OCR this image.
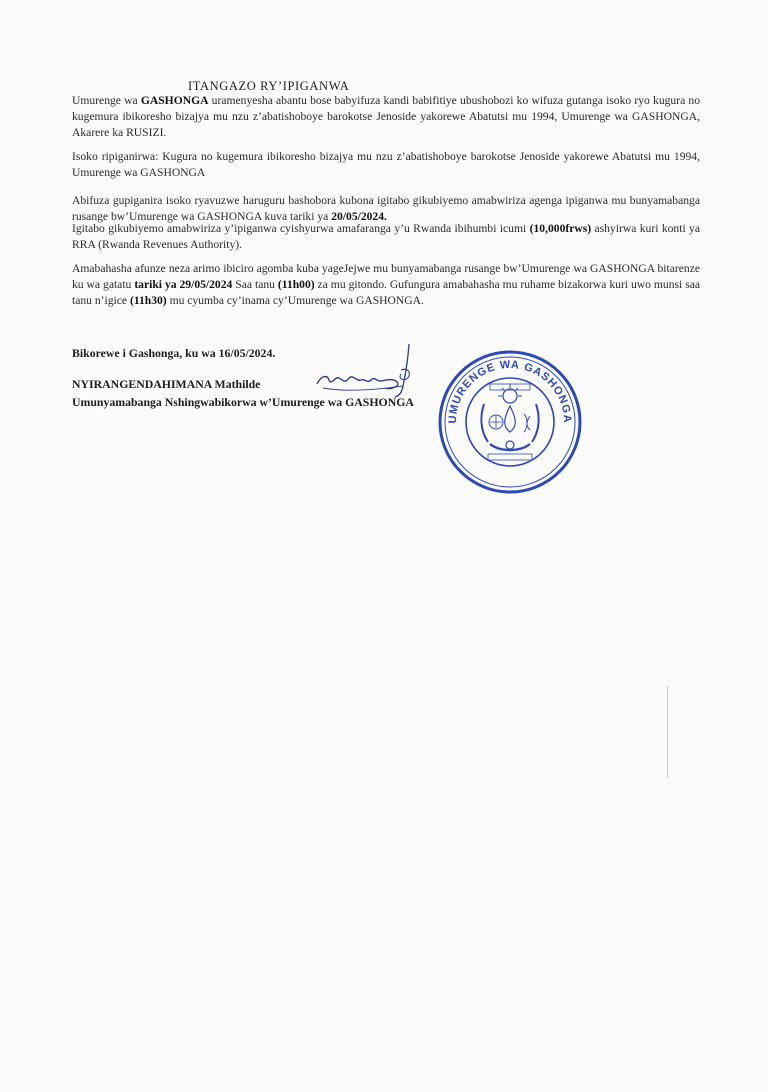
ITANGAZO RY’IPIGANWA
Umurenge wa GASHONGA uramenyesha abantu bose babyifuza kandi babifitiye ubushobozi ko wifuza gutanga isoko ryo kugura no kugemura ibikoresho bizajya mu nzu z’abatishoboye barokotse Jenoside yakorewe Abatutsi mu 1994, Umurenge wa GASHONGA, Akarere ka RUSIZI.
Isoko ripiganirwa: Kugura no kugemura ibikoresho bizajya mu nzu z’abatishoboye barokotse Jenoside yakorewe Abatutsi mu 1994, Umurenge wa GASHONGA
Abifuza gupiganira isoko ryavuzwe haruguru bashobora kubona igitabo gikubiyemo amabwiriza agenga ipiganwa mu bunyamabanga rusange bw’Umurenge wa GASHONGA kuva tariki ya 20/05/2024.
Igitabo gikubiyemo amabwiriza y’ipiganwa cyishyurwa amafaranga y’u Rwanda ibihumbi icumi (10,000frws) ashyirwa kuri konti ya RRA (Rwanda Revenues Authority).
Amabahasha afunze neza arimo ibiciro agomba kuba yageJejwe mu bunyamabanga rusange bw’Umurenge wa GASHONGA bitarenze ku wa gatatu tariki ya 29/05/2024 Saa tanu (11h00) za mu gitondo. Gufungura amabahasha mu ruhame bizakorwa kuri uwo munsi saa tanu n’igice (11h30) mu cyumba cy’inama cy’Umurenge wa GASHONGA.
Bikorewe i Gashonga, ku wa 16/05/2024.
NYIRANGENDAHIMANA Mathilde
Umunyamabanga Nshingwabikorwa w’Umurenge wa GASHONGA
UMURENGE WA GASHONGA
